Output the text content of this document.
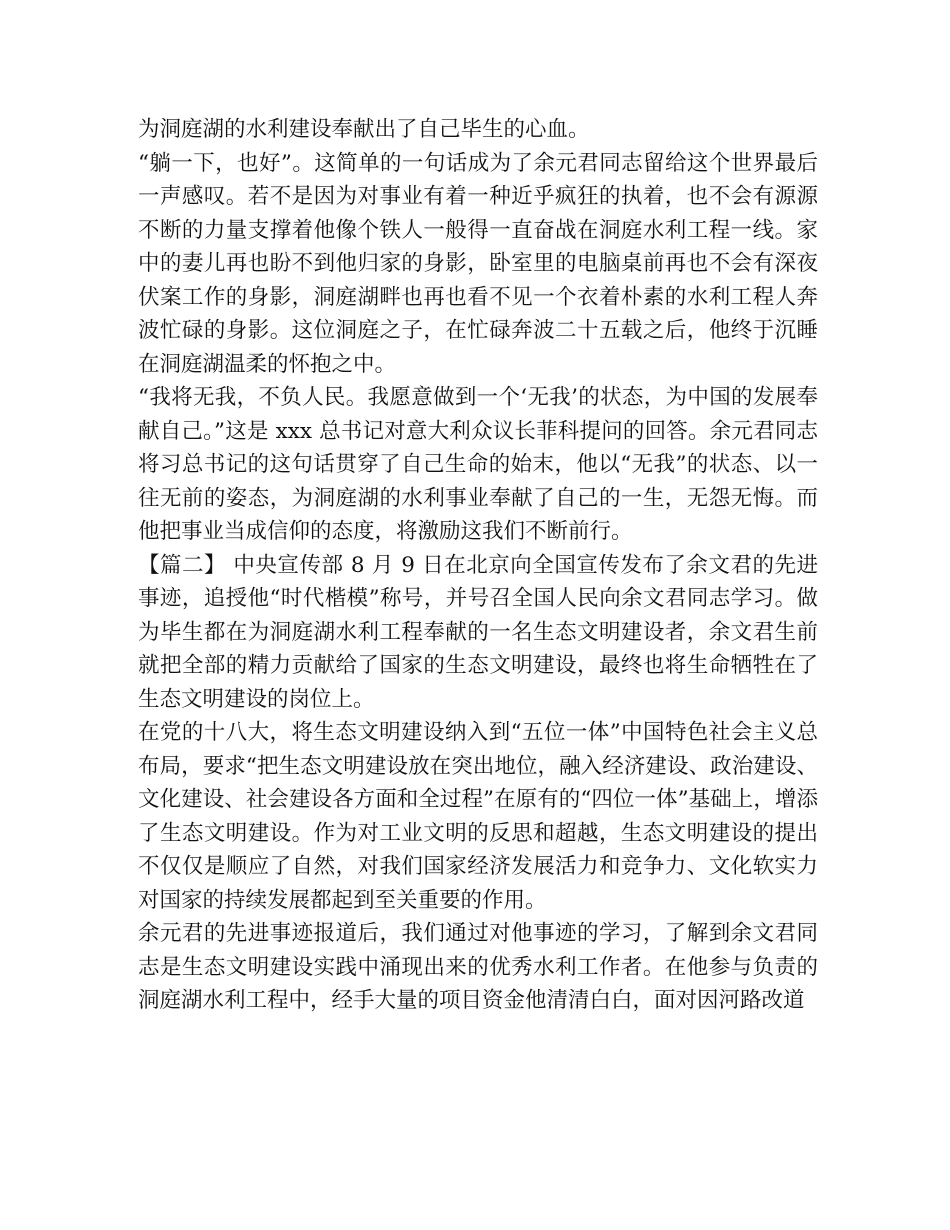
为洞庭湖的水利建设奉献出了自己毕生的心血。

“躺一下，也好”。这简单的一句话成为了余元君同志留给这个世界最后一声感叹。若不是因为对事业有着一种近乎疯狂的执着，也不会有源源不断的力量支撑着他像个铁人一般得一直奋战在洞庭水利工程一线。家中的妻儿再也盼不到他归家的身影，卧室里的电脑桌前再也不会有深夜伏案工作的身影，洞庭湖畔也再也看不见一个衣着朴素的水利工程人奔波忙碌的身影。这位洞庭之子，在忙碌奔波二十五载之后，他终于沉睡在洞庭湖温柔的怀抱之中。

“我将无我，不负人民。我愿意做到一个‘无我’的状态，为中国的发展奉献自己。”这是 xxx 总书记对意大利众议长菲科提问的回答。余元君同志将习总书记的这句话贯穿了自己生命的始末，他以“无我”的状态、以一往无前的姿态，为洞庭湖的水利事业奉献了自己的一生，无怨无悔。而他把事业当成信仰的态度，将激励这我们不断前行。

【篇二】 中央宣传部 8 月 9 日在北京向全国宣传发布了余文君的先进事迹，追授他“时代楷模”称号，并号召全国人民向余文君同志学习。做为毕生都在为洞庭湖水利工程奉献的一名生态文明建设者，余文君生前就把全部的精力贡献给了国家的生态文明建设，最终也将生命牺牲在了生态文明建设的岗位上。

在党的十八大，将生态文明建设纳入到“五位一体”中国特色社会主义总布局，要求“把生态文明建设放在突出地位，融入经济建设、政治建设、文化建设、社会建设各方面和全过程”在原有的“四位一体”基础上，增添了生态文明建设。作为对工业文明的反思和超越，生态文明建设的提出不仅仅是顺应了自然，对我们国家经济发展活力和竞争力、文化软实力对国家的持续发展都起到至关重要的作用。

余元君的先进事迹报道后，我们通过对他事迹的学习，了解到余文君同志是生态文明建设实践中涌现出来的优秀水利工作者。在他参与负责的洞庭湖水利工程中，经手大量的项目资金他清清白白，面对因河路改道
